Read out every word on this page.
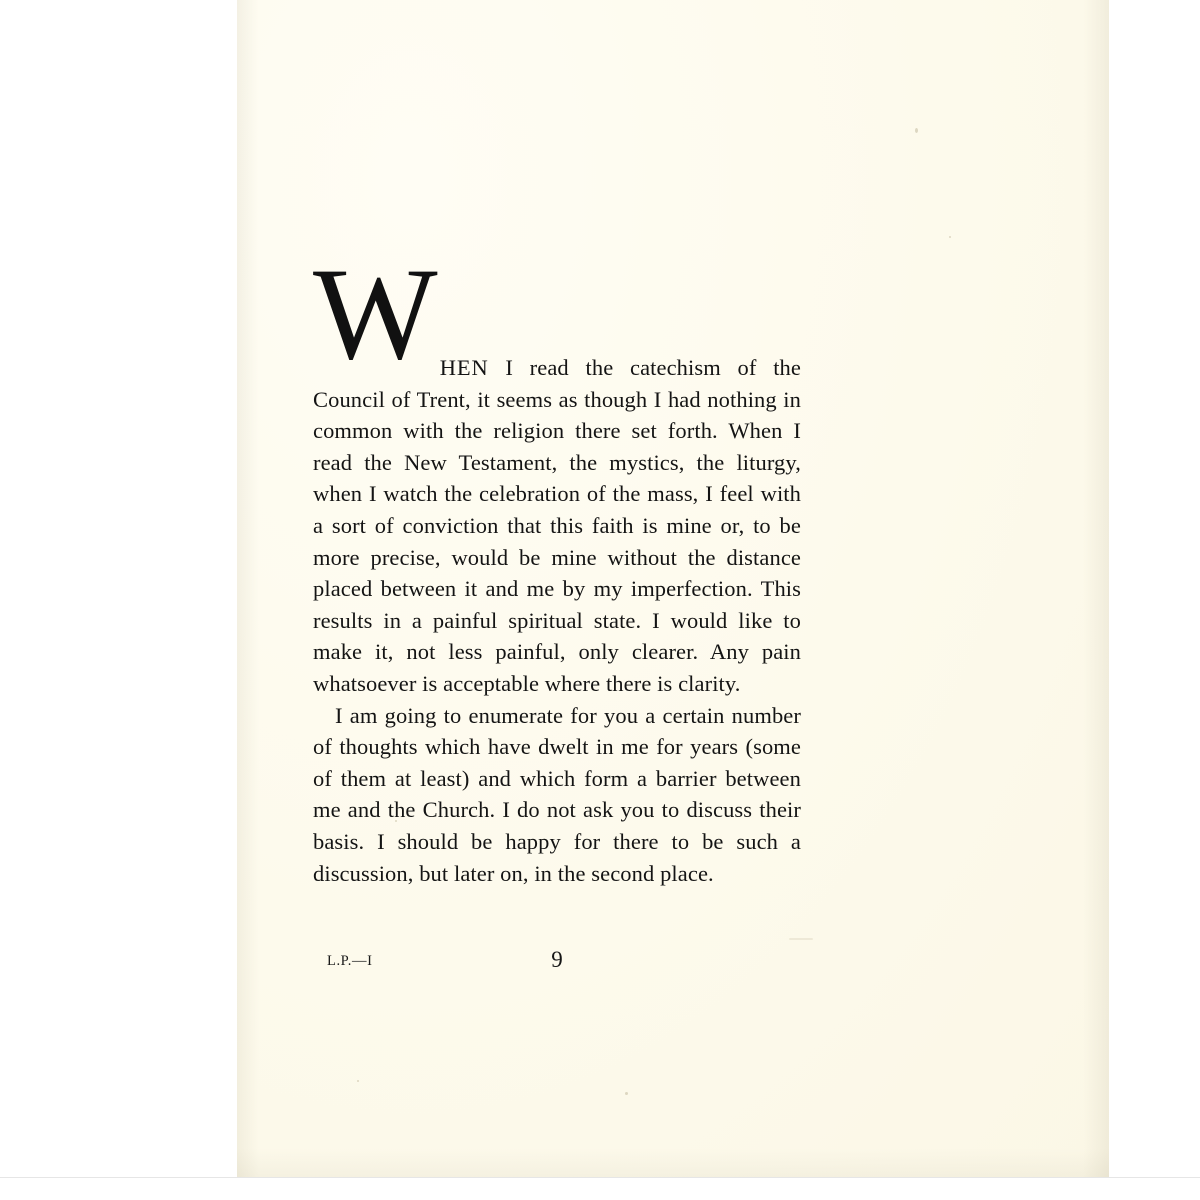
WHEN I read the catechism of the Council of Trent, it seems as though I had nothing in common with the religion there set forth. When I read the New Testament, the mystics, the liturgy, when I watch the celebration of the mass, I feel with a sort of conviction that this faith is mine or, to be more precise, would be mine without the distance placed between it and me by my imperfection. This results in a painful spiritual state. I would like to make it, not less painful, only clearer. Any pain whatsoever is acceptable where there is clarity.

I am going to enumerate for you a certain number of thoughts which have dwelt in me for years (some of them at least) and which form a barrier between me and the Church. I do not ask you to discuss their basis. I should be happy for there to be such a discussion, but later on, in the second place.

L.P.—I	9
